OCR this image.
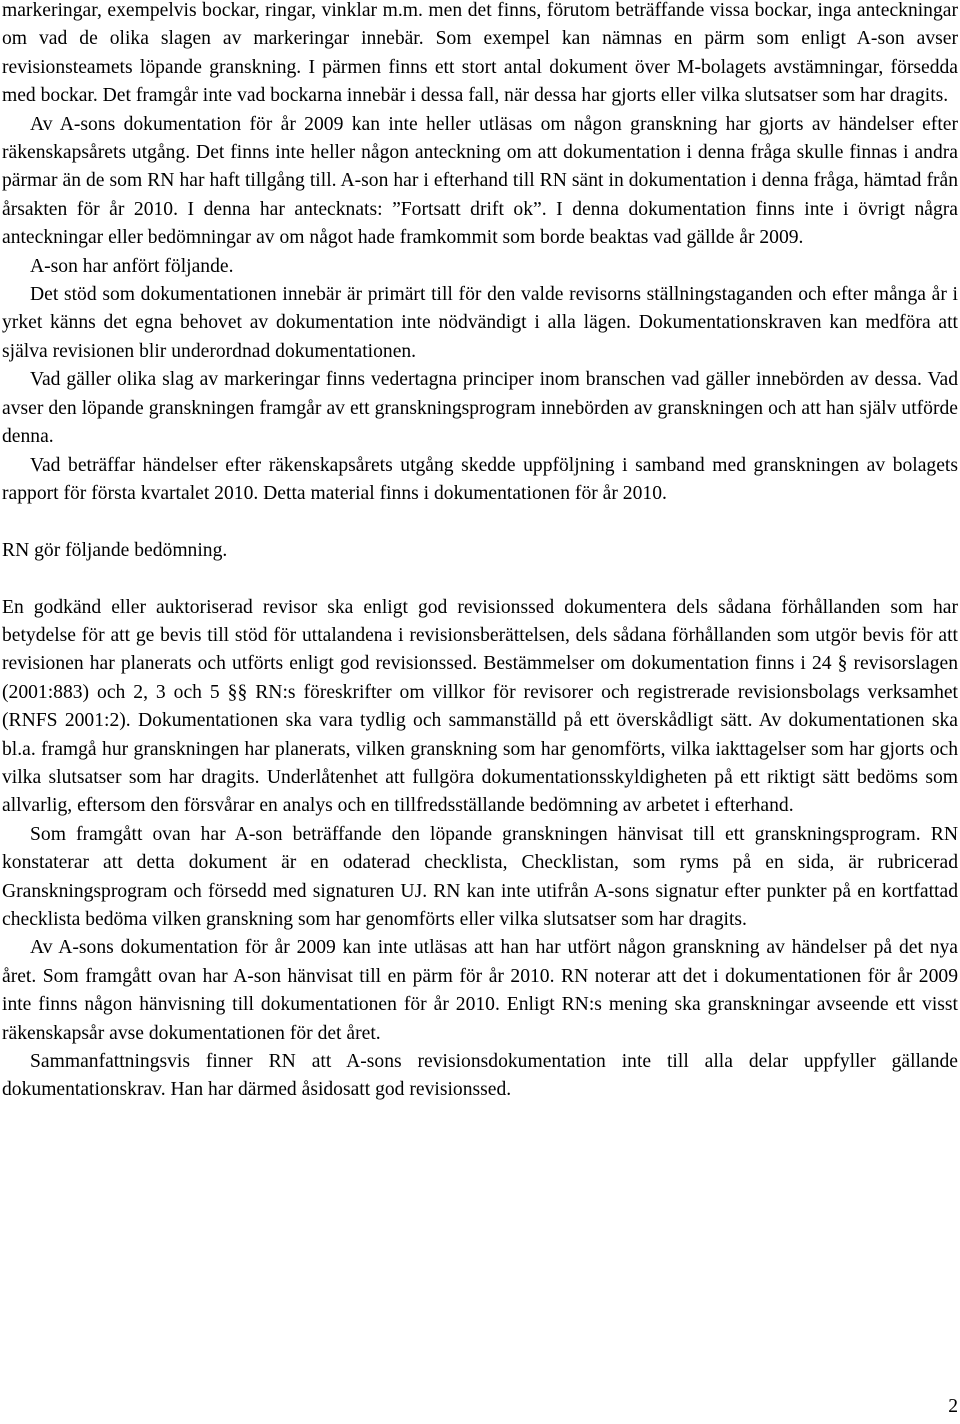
markeringar, exempelvis bockar, ringar, vinklar m.m. men det finns, förutom beträffande vissa bockar, inga anteckningar om vad de olika slagen av markeringar innebär. Som exempel kan nämnas en pärm som enligt A-son avser revisionsteamets löpande granskning. I pärmen finns ett stort antal dokument över M-bolagets avstämningar, försedda med bockar. Det framgår inte vad bockarna innebär i dessa fall, när dessa har gjorts eller vilka slutsatser som har dragits.

Av A-sons dokumentation för år 2009 kan inte heller utläsas om någon granskning har gjorts av händelser efter räkenskapsårets utgång. Det finns inte heller någon anteckning om att dokumentation i denna fråga skulle finnas i andra pärmar än de som RN har haft tillgång till. A-son har i efterhand till RN sänt in dokumentation i denna fråga, hämtad från årsakten för år 2010. I denna har antecknats: ”Fortsatt drift ok”. I denna dokumentation finns inte i övrigt några anteckningar eller bedömningar av om något hade framkommit som borde beaktas vad gällde år 2009.

A-son har anfört följande.

Det stöd som dokumentationen innebär är primärt till för den valde revisorns ställningstaganden och efter många år i yrket känns det egna behovet av dokumentation inte nödvändigt i alla lägen. Dokumentationskraven kan medföra att själva revisionen blir underordnad dokumentationen.

Vad gäller olika slag av markeringar finns vedertagna principer inom branschen vad gäller innebörden av dessa. Vad avser den löpande granskningen framgår av ett granskningsprogram innebörden av granskningen och att han själv utförde denna.

Vad beträffar händelser efter räkenskapsårets utgång skedde uppföljning i samband med granskningen av bolagets rapport för första kvartalet 2010. Detta material finns i dokumentationen för år 2010.

RN gör följande bedömning.

En godkänd eller auktoriserad revisor ska enligt god revisionssed dokumentera dels sådana förhållanden som har betydelse för att ge bevis till stöd för uttalandena i revisionsberättelsen, dels sådana förhållanden som utgör bevis för att revisionen har planerats och utförts enligt god revisionssed. Bestämmelser om dokumentation finns i 24 § revisorslagen (2001:883) och 2, 3 och 5 §§ RN:s föreskrifter om villkor för revisorer och registrerade revisionsbolags verksamhet (RNFS 2001:2). Dokumentationen ska vara tydlig och sammanställd på ett överskådligt sätt. Av dokumentationen ska bl.a. framgå hur granskningen har planerats, vilken granskning som har genomförts, vilka iakttagelser som har gjorts och vilka slutsatser som har dragits. Underlåtenhet att fullgöra dokumentationsskyldigheten på ett riktigt sätt bedöms som allvarlig, eftersom den försvårar en analys och en tillfredsställande bedömning av arbetet i efterhand.

Som framgått ovan har A-son beträffande den löpande granskningen hänvisat till ett granskningsprogram. RN konstaterar att detta dokument är en odaterad checklista, Checklistan, som ryms på en sida, är rubricerad Granskningsprogram och försedd med signaturen UJ. RN kan inte utifrån A-sons signatur efter punkter på en kortfattad checklista bedöma vilken granskning som har genomförts eller vilka slutsatser som har dragits.

Av A-sons dokumentation för år 2009 kan inte utläsas att han har utfört någon granskning av händelser på det nya året. Som framgått ovan har A-son hänvisat till en pärm för år 2010. RN noterar att det i dokumentationen för år 2009 inte finns någon hänvisning till dokumentationen för år 2010. Enligt RN:s mening ska granskningar avseende ett visst räkenskapsår avse dokumentationen för det året.

Sammanfattningsvis finner RN att A-sons revisionsdokumentation inte till alla delar uppfyller gällande dokumentationskrav. Han har därmed åsidosatt god revisionssed.

2
